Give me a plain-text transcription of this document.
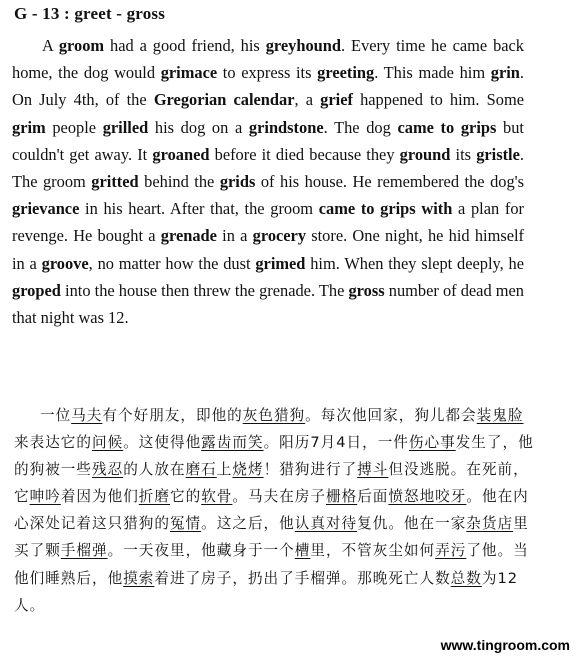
G - 13 : greet - gross

A groom had a good friend, his greyhound. Every time he came back home, the dog would grimace to express its greeting. This made him grin. On July 4th, of the Gregorian calendar, a grief happened to him. Some grim people grilled his dog on a grindstone. The dog came to grips but couldn't get away. It groaned before it died because they ground its gristle. The groom gritted behind the grids of his house. He remembered the dog's grievance in his heart. After that, the groom came to grips with a plan for revenge. He bought a grenade in a grocery store. One night, he hid himself in a groove, no matter how the dust grimed him. When they slept deeply, he groped into the house then threw the grenade. The gross number of dead men that night was 12.

一位马夫有个好朋友，即他的灰色猎狗。每次他回家，狗儿都会装鬼脸来表达它的问候。这使得他露齿而笑。阳历7月4日，一件伤心事发生了，他的狗被一些残忍的人放在磨石上烧烤！猎狗进行了搏斗但没逃脱。在死前，它呻吟着因为他们折磨它的软骨。马夫在房子栅格后面愤怒地咬牙。他在内心深处记着这只猎狗的冤情。这之后，他认真对待复仇。他在一家杂货店里买了颗手榴弹。一天夜里，他藏身于一个槽里，不管灰尘如何弄污了他。当他们睡熟后，他摸索着进了房子，扔出了手榴弹。那晚死亡人数总数为12人。

www.tingroom.com
